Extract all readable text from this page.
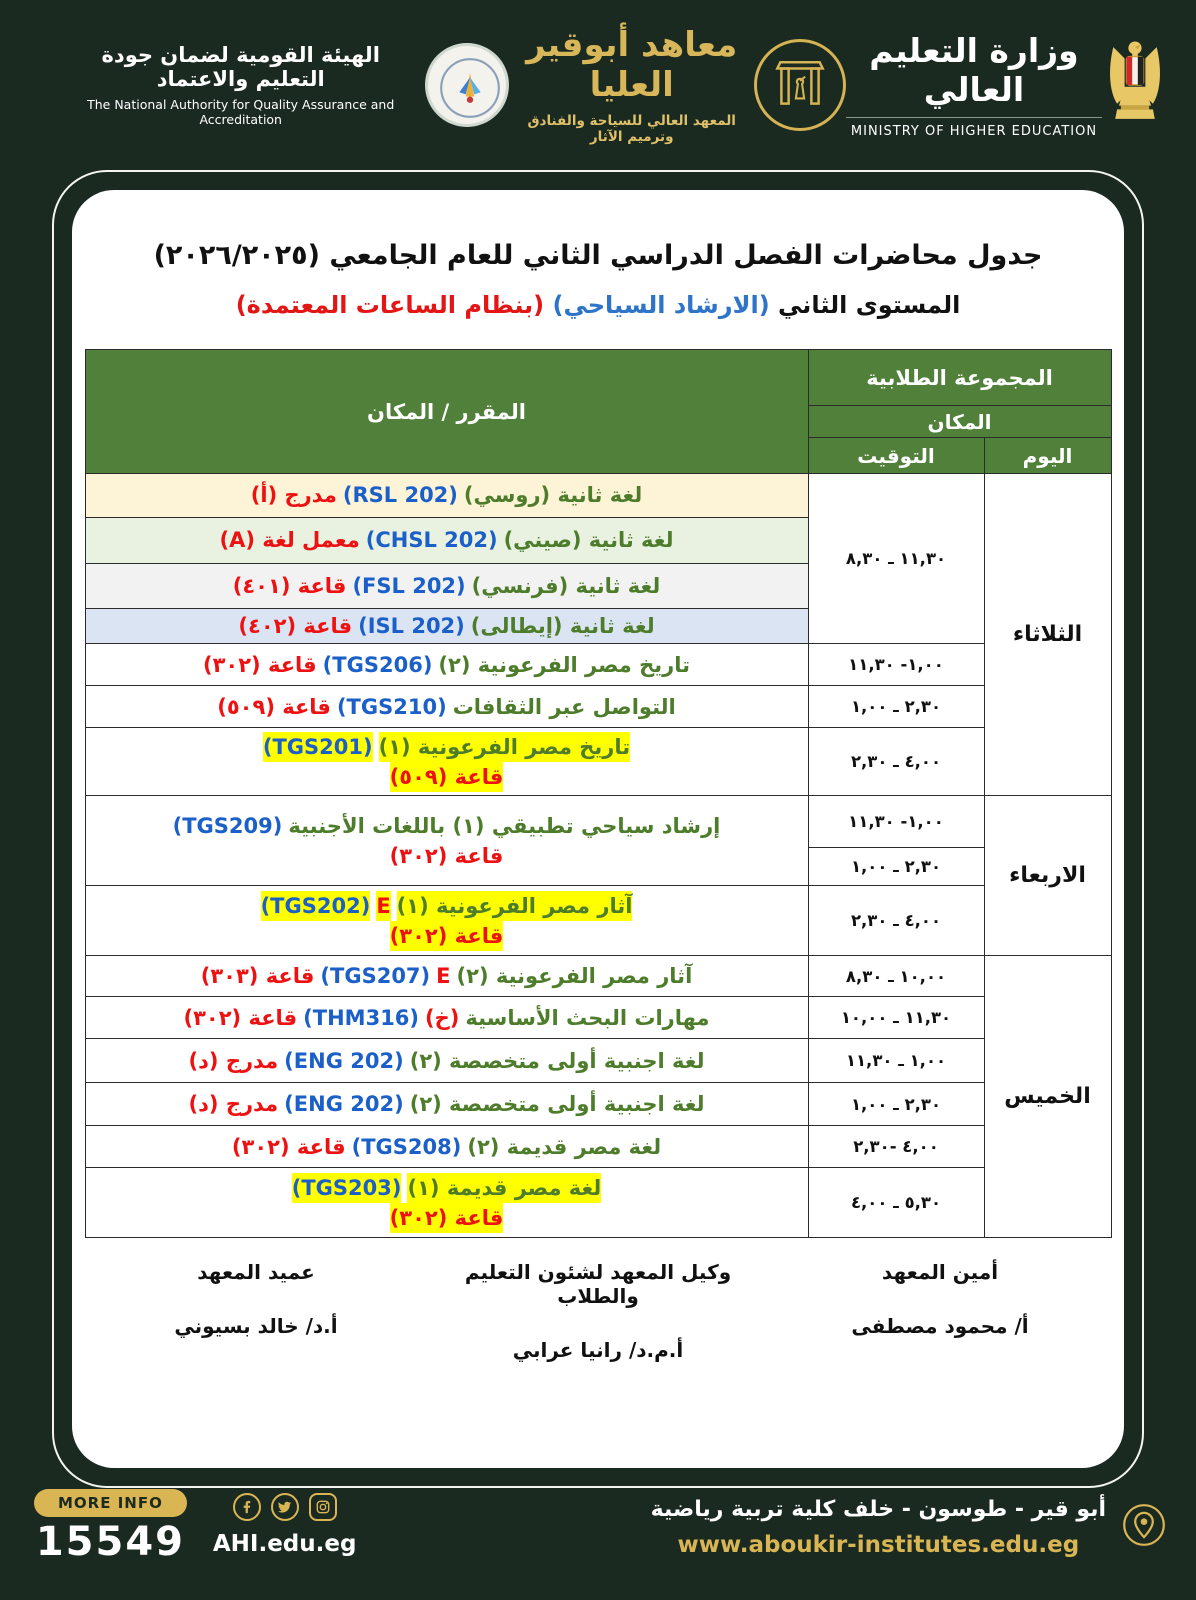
الهيئة القومية لضمان جودة التعليم والاعتماد
The National Authority for Quality Assurance and Accreditation
معاهد أبوقير العليا
المعهد العالي للسياحة والفنادق وترميم الآثار
وزارة التعليم العالي
MINISTRY OF HIGHER EDUCATION
جدول محاضرات الفصل الدراسي الثاني للعام الجامعي (٢٠٢٦/٢٠٢٥)
المستوى الثاني (الارشاد السياحي) (بنظام الساعات المعتمدة)
المجموعة الطلابية		المقرر / المكان
المكان		
اليوم	التوقيت	
الثلاثاء	١١,٣٠ ـ ٨,٣٠	لغة ثانية (روسي)(RSL 202)مدرج (أ)

		لغة ثانية (صيني)(CHSL 202)معمل لغة (A)

		لغة ثانية (فرنسي)(FSL 202)قاعة (٤٠١)

		لغة ثانية (إيطالى)(ISL 202)قاعة (٤٠٢)

	١,٠٠- ١١,٣٠	تاريخ مصر الفرعونية (٢)(TGS206)قاعة (٣٠٢)

	٢,٣٠ ـ ١,٠٠	التواصل عبر الثقافات(TGS210)قاعة (٥٠٩)

	٤,٠٠ ـ ٢,٣٠	تاريخ مصر الفرعونية (١)(TGS201)
قاعة (٥٠٩)

الاربعاء	١,٠٠- ١١,٣٠	إرشاد سياحي تطبيقي (١) باللغات الأجنبية(TGS209)
قاعة (٣٠٢)

	٢,٣٠ ـ ١,٠٠	
	٤,٠٠ ـ ٢,٣٠	آثار مصر الفرعونية (١)E(TGS202)
قاعة (٣٠٢)

الخميس	١٠,٠٠ ـ ٨,٣٠	آثار مصر الفرعونية (٢)E(TGS207)قاعة (٣٠٣)

	١١,٣٠ ـ ١٠,٠٠	مهارات البحث الأساسية(خ)(THM316)قاعة (٣٠٢)

	١,٠٠ ـ ١١,٣٠	لغة اجنبية أولى متخصصة (٢)(ENG 202)مدرج (د)

	٢,٣٠ ـ ١,٠٠	لغة اجنبية أولى متخصصة (٢)(ENG 202)مدرج (د)

	٤,٠٠ -٢,٣٠	لغة مصر قديمة (٢)(TGS208)قاعة (٣٠٢)

	٥,٣٠ ـ ٤,٠٠	لغة مصر قديمة (١)(TGS203)
قاعة (٣٠٢)
أمين المعهد
أ/ محمود مصطفى
وكيل المعهد لشئون التعليم والطلاب
أ.م.د/ رانيا عرابي
عميد المعهد
أ.د/ خالد بسيوني
MORE INFO
15549 AHI.edu.eg
أبو قير - طوسون - خلف كلية تربية رياضية
www.aboukir-institutes.edu.eg
